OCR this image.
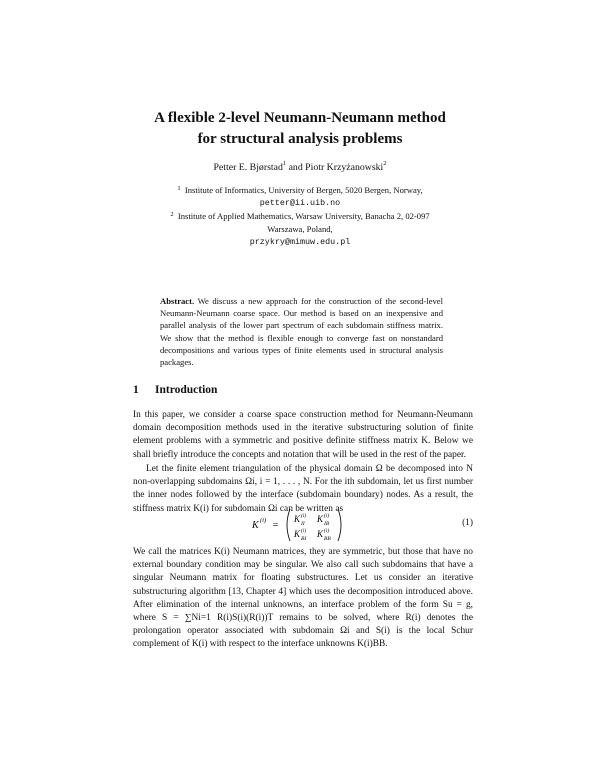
A flexible 2-level Neumann-Neumann method
for structural analysis problems
Petter E. Bjørstad$^1$ and Piotr Krzyżanowski$^2$
$^1$ Institute of Informatics, University of Bergen, 5020 Bergen, Norway,
petter@ii.uib.no
$^2$ Institute of Applied Mathematics, Warsaw University, Banacha 2, 02-097
Warszawa, Poland,
przykry@mimuw.edu.pl
Abstract. We discuss a new approach for the construction of the second-level Neumann-Neumann coarse space. Our method is based on an inexpensive and parallel analysis of the lower part spectrum of each subdomain stiffness matrix. We show that the method is flexible enough to converge fast on nonstandard decompositions and various types of finite elements used in structural analysis packages.
1 Introduction

In this paper, we consider a coarse space construction method for Neumann-Neumann domain decomposition methods used in the iterative substructuring solution of finite element problems with a symmetric and positive definite stiffness matrix K. Below we shall briefly introduce the concepts and notation that will be used in the rest of the paper.

Let the finite element triangulation of the physical domain Ω be decomposed into N non-overlapping subdomains Ωi, i = 1, . . . , N. For the ith subdomain, let us first number the inner nodes followed by the interface (subdomain boundary) nodes. As a result, the stiffness matrix K(i) for subdomain Ωi can be written as

K (i) =
K (i)
II K (i)
IB
K (i)
BI K (i)
BB
(1)

We call the matrices K(i) Neumann matrices, they are symmetric, but those that have no external boundary condition may be singular. We also call such subdomains that have a singular Neumann matrix for floating substructures. Let us consider an iterative substructuring algorithm [13, Chapter 4] which uses the decomposition introduced above. After elimination of the internal unknowns, an interface problem of the form Su = g, where S = ∑Ni=1 R(i)S(i)(R(i))T remains to be solved, where R(i) denotes the prolongation operator associated with subdomain Ωi and S(i) is the local Schur complement of K(i) with respect to the interface unknowns K(i)BB.
